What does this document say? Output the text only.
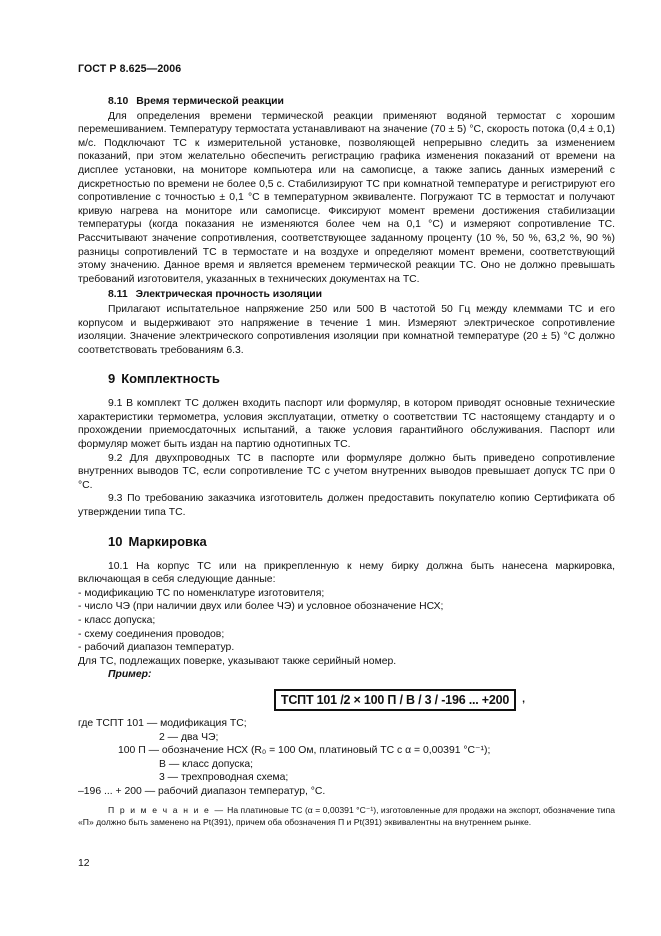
ГОСТ Р 8.625—2006
8.10 Время термической реакции

Для определения времени термической реакции применяют водяной термостат с хорошим перемешиванием. Температуру термостата устанавливают на значение (70 ± 5) °С, скорость потока (0,4 ± 0,1) м/с. Подключают ТС к измерительной установке, позволяющей непрерывно следить за изменением показаний, при этом желательно обеспечить регистрацию графика изменения показаний от времени на дисплее установки, на мониторе компьютера или на самописце, а также запись данных измерений с дискретностью по времени не более 0,5 с. Стабилизируют ТС при комнатной температуре и регистрируют его сопротивление с точностью ± 0,1 °С в температурном эквиваленте. Погружают ТС в термостат и получают кривую нагрева на мониторе или самописце. Фиксируют момент времени достижения стабилизации температуры (когда показания не изменяются более чем на 0,1 °С) и измеряют сопротивление ТС. Рассчитывают значение сопротивления, соответствующее заданному проценту (10 %, 50 %, 63,2 %, 90 %) разницы сопротивлений ТС в термостате и на воздухе и определяют момент времени, соответствующий этому значению. Данное время и является временем термической реакции ТС. Оно не должно превышать требований изготовителя, указанных в технических документах на ТС.

8.11 Электрическая прочность изоляции

Прилагают испытательное напряжение 250 или 500 В частотой 50 Гц между клеммами ТС и его корпусом и выдерживают это напряжение в течение 1 мин. Измеряют электрическое сопротивление изоляции. Значение электрического сопротивления изоляции при комнатной температуре (20 ± 5) °С должно соответствовать требованиям 6.3.

9 Комплектность

9.1 В комплект ТС должен входить паспорт или формуляр, в котором приводят основные технические характеристики термометра, условия эксплуатации, отметку о соответствии ТС настоящему стандарту и о прохождении приемосдаточных испытаний, а также условия гарантийного обслуживания. Паспорт или формуляр может быть издан на партию однотипных ТС.

9.2 Для двухпроводных ТС в паспорте или формуляре должно быть приведено сопротивление внутренних выводов ТС, если сопротивление ТС с учетом внутренних выводов превышает допуск ТС при 0 °С.

9.3 По требованию заказчика изготовитель должен предоставить покупателю копию Сертификата об утверждении типа ТС.

10 Маркировка

10.1 На корпус ТС или на прикрепленную к нему бирку должна быть нанесена маркировка, включающая в себя следующие данные:

- модификацию ТС по номенклатуре изготовителя;

- число ЧЭ (при наличии двух или более ЧЭ) и условное обозначение НСХ;

- класс допуска;

- схему соединения проводов;

- рабочий диапазон температур.

Для ТС, подлежащих поверке, указывают также серийный номер.

Пример:

ТСПТ 101 /2 × 100 П / В / 3 / -196 ... +200	,

где ТСПТ 101 — модификация ТС;

2 — два ЧЭ;

100 П — обозначение НСХ (R₀ = 100 Ом, платиновый ТС с α = 0,00391 °С⁻¹);

В — класс допуска;

3 — трехпроводная схема;

–196 ... + 200 — рабочий диапазон температур, °С.

П р и м е ч а н и е — На платиновые ТС (α = 0,00391 °С⁻¹), изготовленные для продажи на экспорт, обозначение типа «П» должно быть заменено на Pt(391), причем оба обозначения П и Pt(391) эквивалентны на внутреннем рынке.

12
